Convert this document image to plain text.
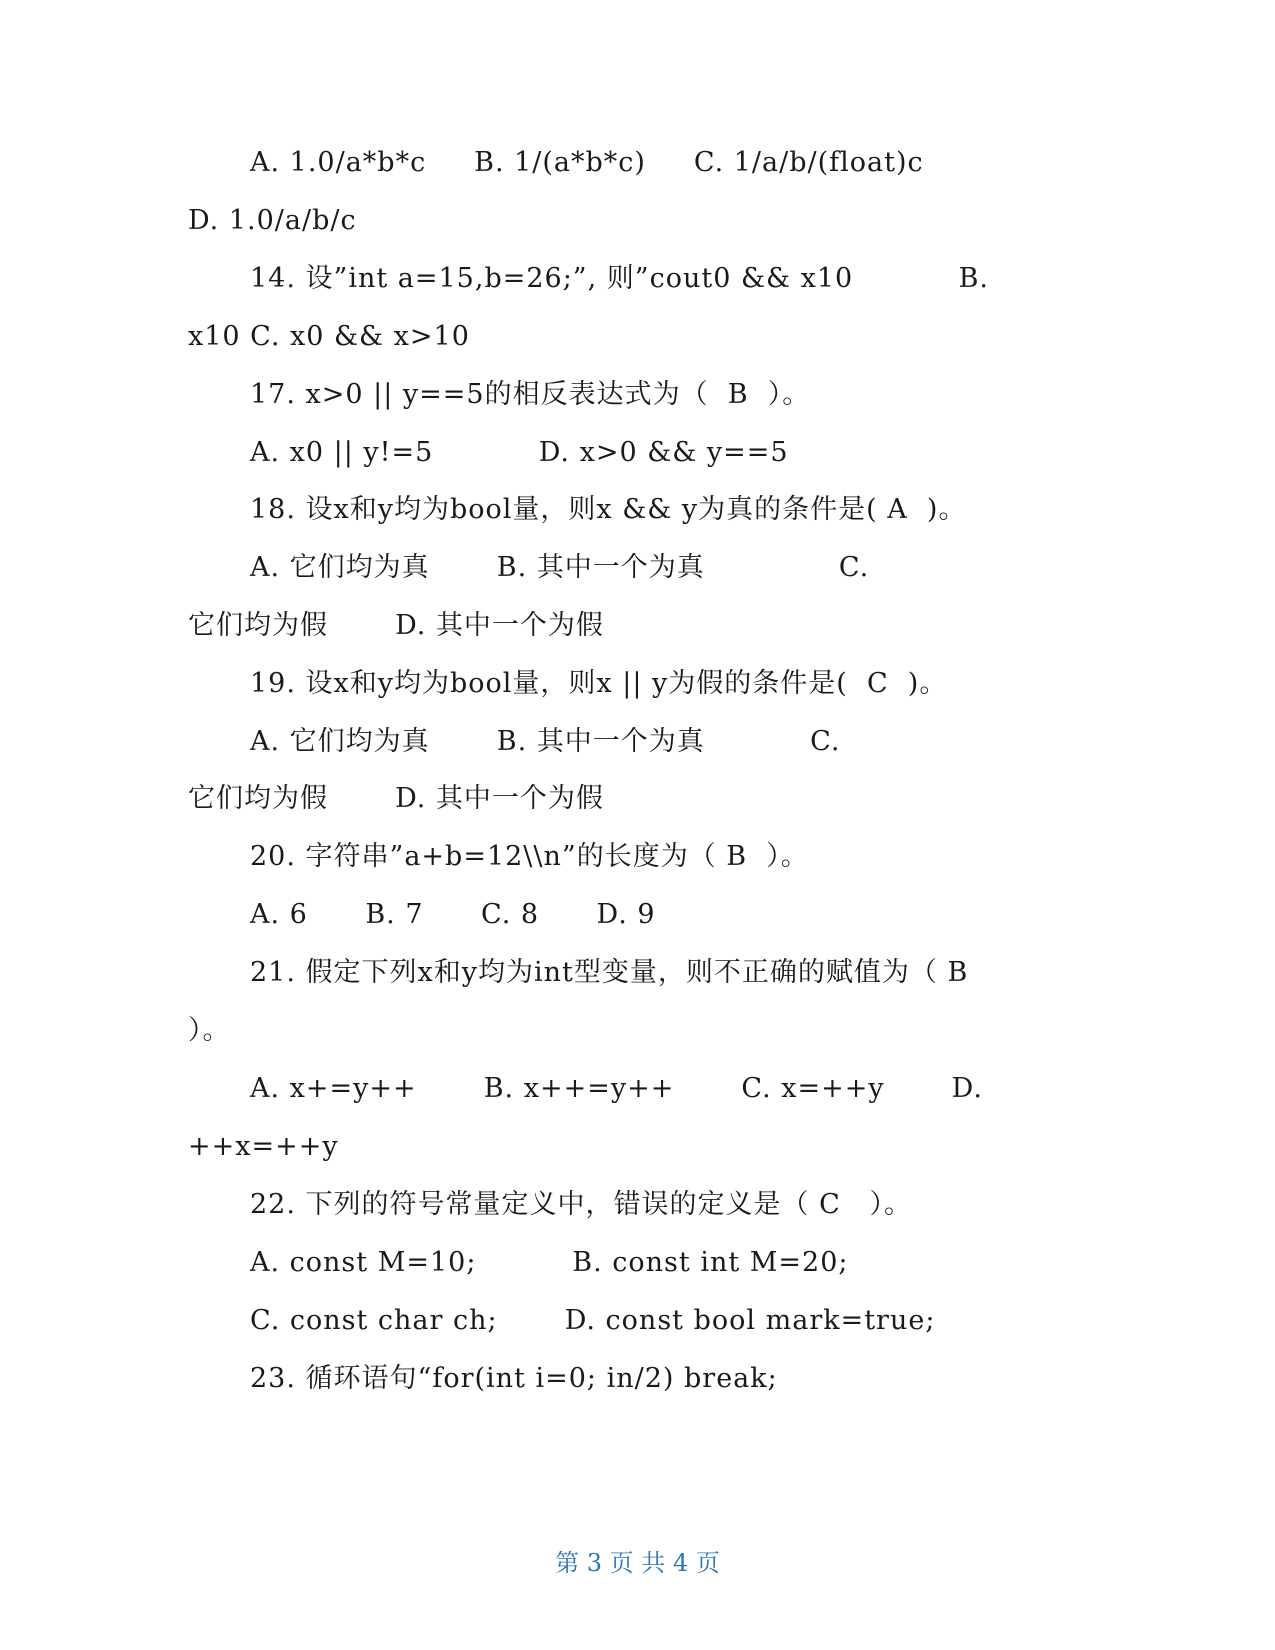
A. 1.0/a*b*c     B. 1/(a*b*c)     C. 1/a/b/(float)c
D. 1.0/a/b/c
14. 设”int a=15,b=26;”, 则”cout0 && x10           B.
x10 C. x0 && x>10
17. x>0 || y==5的相反表达式为（  B  ）。
A. x0 || y!=5           D. x>0 && y==5
18. 设x和y均为bool量，则x && y为真的条件是( A  )。
A. 它们均为真       B. 其中一个为真              C.
它们均为假       D. 其中一个为假
19. 设x和y均为bool量，则x || y为假的条件是(  C  )。
A. 它们均为真       B. 其中一个为真           C.
它们均为假       D. 其中一个为假
20. 字符串”a+b=12\\n”的长度为（ B  ）。
A. 6      B. 7      C. 8      D. 9
21. 假定下列x和y均为int型变量，则不正确的赋值为（ B
）。
A. x+=y++       B. x++=y++       C. x=++y       D.
++x=++y
22. 下列的符号常量定义中，错误的定义是（ C   ）。
A. const M=10;          B. const int M=20;
C. const char ch;       D. const bool mark=true;
23. 循环语句“for(int i=0; in/2) break;
第 3 页 共 4 页
